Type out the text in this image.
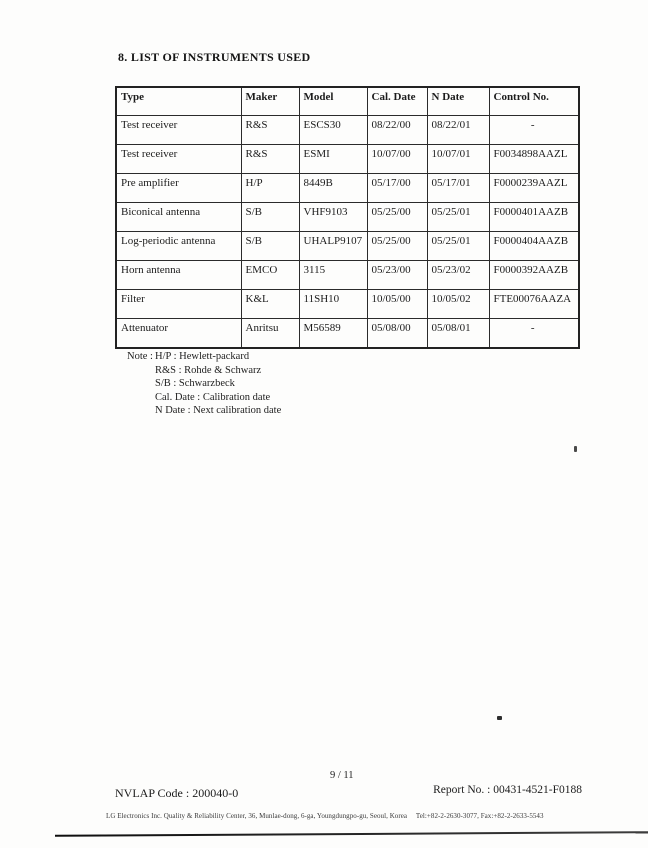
8. LIST OF INSTRUMENTS USED
Type	Maker	Model	Cal. Date	N Date	Control No.
Test receiver	R&S	ESCS30	08/22/00	08/22/01	-
Test receiver	R&S	ESMI	10/07/00	10/07/01	F0034898AAZL
Pre amplifier	H/P	8449B	05/17/00	05/17/01	F0000239AAZL
Biconical antenna	S/B	VHF9103	05/25/00	05/25/01	F0000401AAZB
Log-periodic antenna	S/B	UHALP9107	05/25/00	05/25/01	F0000404AAZB
Horn antenna	EMCO	3115	05/23/00	05/23/02	F0000392AAZB
Filter	K&L	11SH10	10/05/00	10/05/02	FTE00076AAZA
Attenuator	Anritsu	M56589	05/08/00	05/08/01	-
Note : H/P : Hewlett-packard
R&S : Rohde & Schwarz
S/B : Schwarzbeck
Cal. Date : Calibration date
N Date : Next calibration date
9 / 11
NVLAP Code : 200040-0	Report No. : 00431-4521-F0188
LG Electronics Inc. Quality & Reliability Center, 36, Munlae-dong, 6-ga, Youngdungpo-gu, Seoul, Korea     Tel:+82-2-2630-3077, Fax:+82-2-2633-5543
